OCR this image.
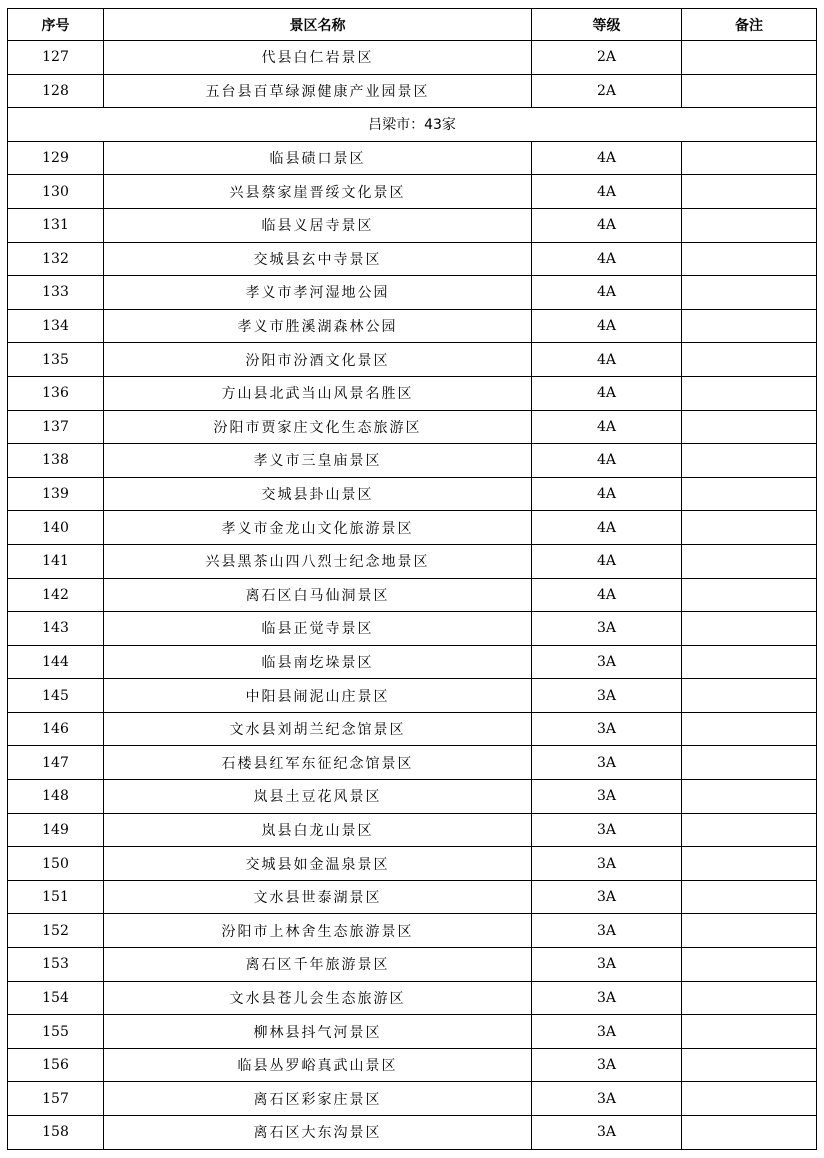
序号	景区名称	等级	备注
127	代县白仁岩景区	2A	
128	五台县百草绿源健康产业园景区	2A	
吕梁市：43家			
129	临县碛口景区	4A	
130	兴县蔡家崖晋绥文化景区	4A	
131	临县义居寺景区	4A	
132	交城县玄中寺景区	4A	
133	孝义市孝河湿地公园	4A	
134	孝义市胜溪湖森林公园	4A	
135	汾阳市汾酒文化景区	4A	
136	方山县北武当山风景名胜区	4A	
137	汾阳市贾家庄文化生态旅游区	4A	
138	孝义市三皇庙景区	4A	
139	交城县卦山景区	4A	
140	孝义市金龙山文化旅游景区	4A	
141	兴县黑茶山四八烈士纪念地景区	4A	
142	离石区白马仙洞景区	4A	
143	临县正觉寺景区	3A	
144	临县南圪垛景区	3A	
145	中阳县闹泥山庄景区	3A	
146	文水县刘胡兰纪念馆景区	3A	
147	石楼县红军东征纪念馆景区	3A	
148	岚县土豆花风景区	3A	
149	岚县白龙山景区	3A	
150	交城县如金温泉景区	3A	
151	文水县世泰湖景区	3A	
152	汾阳市上林舍生态旅游景区	3A	
153	离石区千年旅游景区	3A	
154	文水县苍儿会生态旅游区	3A	
155	柳林县抖气河景区	3A	
156	临县丛罗峪真武山景区	3A	
157	离石区彩家庄景区	3A	
158	离石区大东沟景区	3A	
